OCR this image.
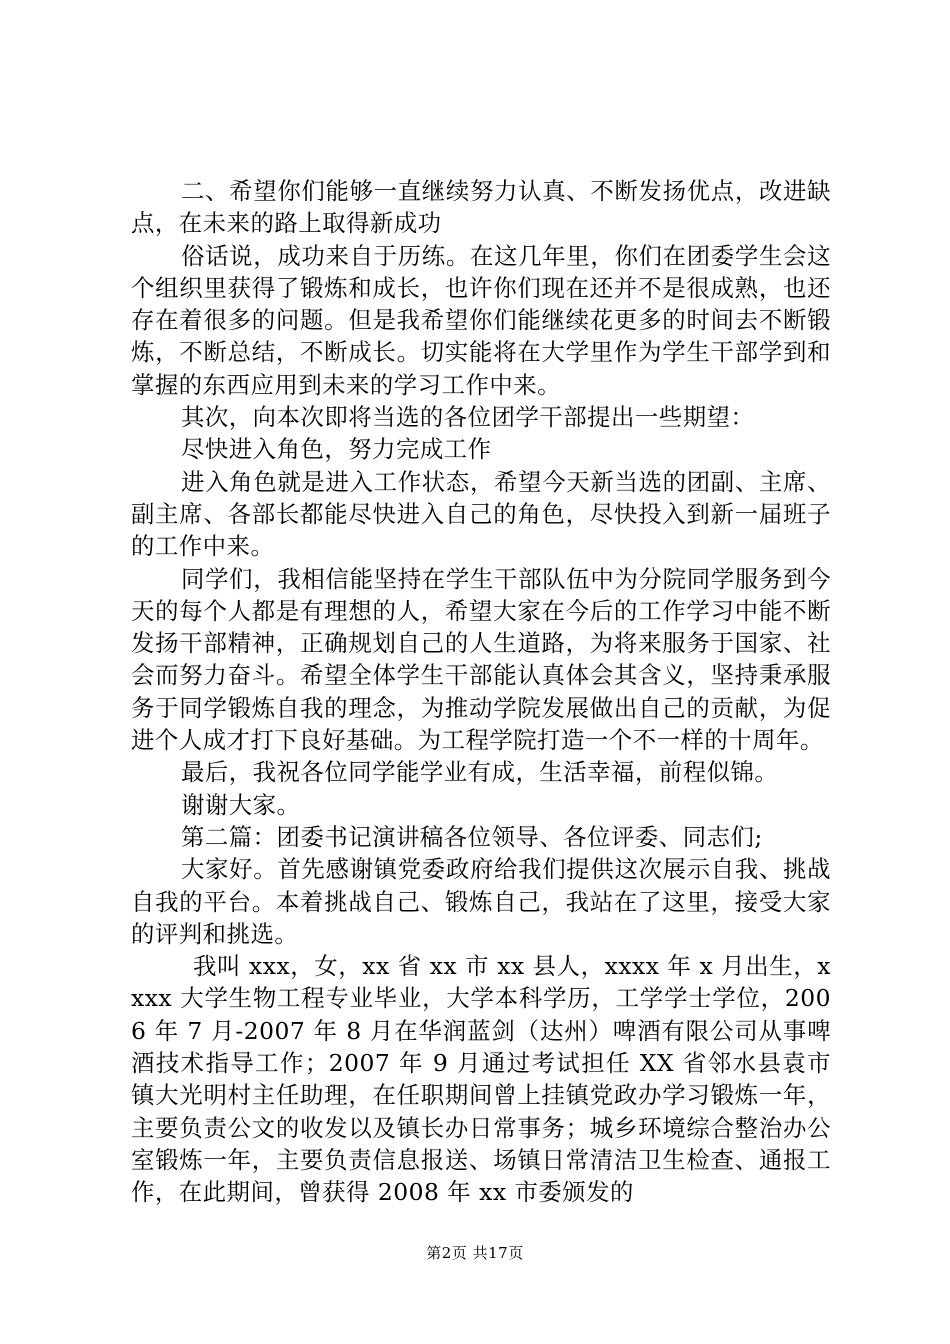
二、希望你们能够一直继续努力认真、不断发扬优点，改进缺点，在未来的路上取得新成功

俗话说，成功来自于历练。在这几年里，你们在团委学生会这个组织里获得了锻炼和成长，也许你们现在还并不是很成熟，也还存在着很多的问题。但是我希望你们能继续花更多的时间去不断锻炼，不断总结，不断成长。切实能将在大学里作为学生干部学到和掌握的东西应用到未来的学习工作中来。

其次，向本次即将当选的各位团学干部提出一些期望：

尽快进入角色，努力完成工作

进入角色就是进入工作状态，希望今天新当选的团副、主席、副主席、各部长都能尽快进入自己的角色，尽快投入到新一届班子的工作中来。

同学们，我相信能坚持在学生干部队伍中为分院同学服务到今天的每个人都是有理想的人，希望大家在今后的工作学习中能不断发扬干部精神，正确规划自己的人生道路，为将来服务于国家、社会而努力奋斗。希望全体学生干部能认真体会其含义，坚持秉承服务于同学锻炼自我的理念，为推动学院发展做出自己的贡献，为促进个人成才打下良好基础。为工程学院打造一个不一样的十周年。

最后，我祝各位同学能学业有成，生活幸福，前程似锦。

谢谢大家。

第二篇：团委书记演讲稿各位领导、各位评委、同志们;

大家好。首先感谢镇党委政府给我们提供这次展示自我、挑战自我的平台。本着挑战自己、锻炼自己，我站在了这里，接受大家的评判和挑选。

我叫 xxx，女，xx 省 xx 市 xx 县人，xxxx 年 x 月出生，xxxx 大学生物工程专业毕业，大学本科学历，工学学士学位，2006 年 7 月-2007 年 8 月在华润蓝剑（达州）啤酒有限公司从事啤酒技术指导工作；2007 年 9 月通过考试担任 XX 省邻水县袁市镇大光明村主任助理，在任职期间曾上挂镇党政办学习锻炼一年，主要负责公文的收发以及镇长办日常事务；城乡环境综合整治办公室锻炼一年，主要负责信息报送、场镇日常清洁卫生检查、通报工作，在此期间，曾获得 2008 年 xx 市委颁发的

第2页 共17页
